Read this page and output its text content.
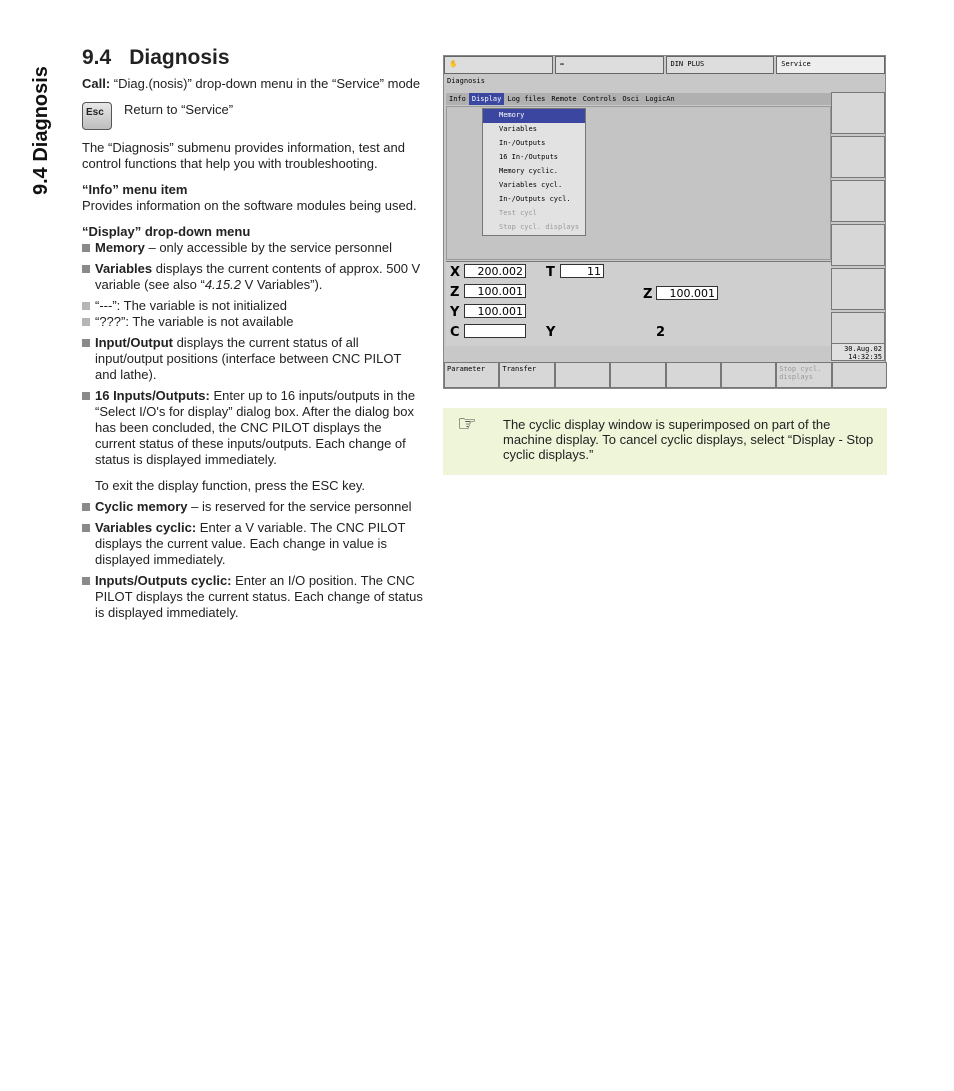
9.4 Diagnosis
9.4 Diagnosis

Call: “Diag.(nosis)” drop-down menu in the “Service” mode

Esc	Return to “Service”

The “Diagnosis” submenu provides information, test and control functions that help you with troubleshooting.

“Info” menu item

Provides information on the software modules being used.

“Display” drop-down menu

Memory – only accessible by the service personnel
Variables displays the current contents of approx. 500 V variable (see also “4.15.2 V Variables”).
“---”: The variable is not initialized
“???”: The variable is not available
Input/Output displays the current status of all input/output positions (interface between CNC PILOT and lathe).
16 Inputs/Outputs: Enter up to 16 inputs/outputs in the “Select I/O's for display” dialog box. After the dialog box has been concluded, the CNC PILOT displays the current status of these inputs/outputs. Each change of status is displayed immediately.

To exit the display function, press the ESC key.

Cyclic memory – is reserved for the service personnel
Variables cyclic: Enter a V variable. The CNC PILOT displays the current value. Each change in value is displayed immediately.
Inputs/Outputs cyclic: Enter an I/O position. The CNC PILOT displays the current status. Each change of status is displayed immediately.
✋	⇛	DIN PLUS	Service
Diagnosis
Info Display Log files Remote Controls Osci LogicAn
Memory
Variables
In-/Outputs
16 In-/Outputs
Memory cyclic.
Variables cycl.
In-/Outputs cycl.
Test cycl
Stop cycl. displays
X	200.002
Z	100.001
Y	100.001
C
T	11
Z	100.001
Y	2
30.Aug.02
14:32:35
Parameter	Transfer	Stop cycl. displays
☞ The cyclic display window is superimposed on part of the machine display. To cancel cyclic displays, select “Display - Stop cyclic displays.”
